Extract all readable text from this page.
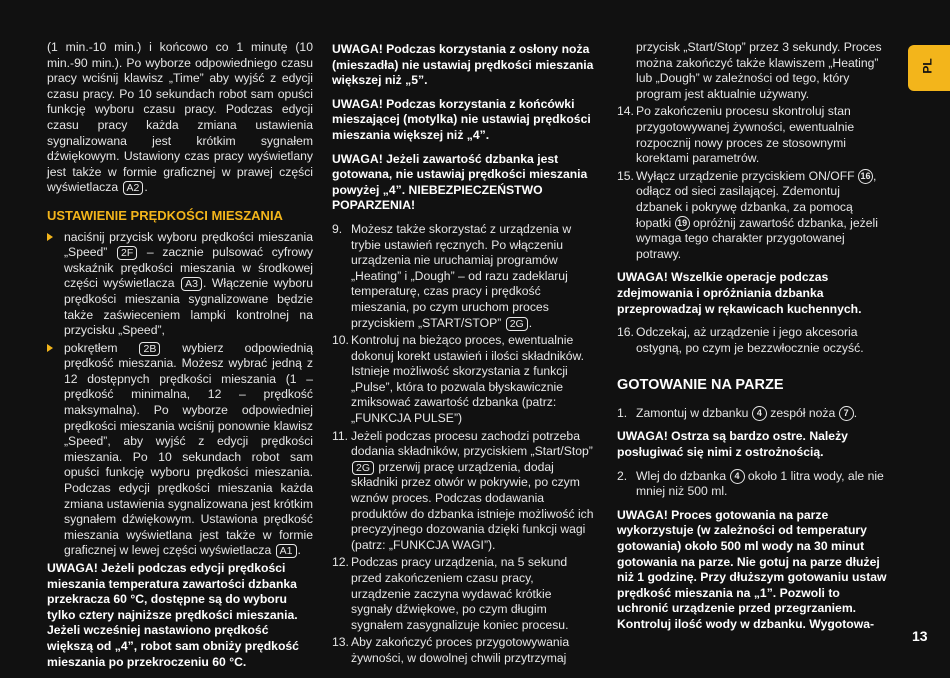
PL

(1 min.-10 min.) i końcowo co 1 minutę (10 min.-90 min.). Po wyborze odpowiedniego czasu pracy wciśnij klawisz „Time” aby wyjść z edycji czasu pracy. Po 10 sekundach robot sam opuści funkcję wyboru czasu pracy. Podczas edycji czasu pracy każda zmiana ustawienia sygnalizowana jest krótkim sygnałem dźwiękowym. Ustawiony czas pracy wyświetlany jest także w formie graficznej w prawej części wyświetlacza A2 .

USTAWIENIE PRĘDKOŚCI MIESZANIA
naciśnij przycisk wyboru prędkości mieszania „Speed” 2F – zacznie pulsować cyfrowy wskaźnik prędkości mieszania w środkowej części wyświetlacza A3 . Włączenie wyboru prędkości mieszania sygnalizowane będzie także zaświeceniem lampki kontrolnej na przycisku „Speed”,
pokrętłem 2B wybierz odpowiednią prędkość mieszania. Możesz wybrać jedną z 12 dostępnych prędkości mieszania (1 – prędkość minimalna, 12 – prędkość maksymalna). Po wyborze odpowiedniej prędkości mieszania wciśnij ponownie klawisz „Speed”, aby wyjść z edycji prędkości mieszania. Po 10 sekundach robot sam opuści funkcję wyboru prędkości mieszania. Podczas edycji prędkości mieszania każda zmiana ustawienia sygnalizowana jest krótkim sygnałem dźwiękowym. Ustawiona prędkość mieszania wyświetlana jest także w formie graficznej w lewej części wyświetlacza A1 .

UWAGA! Jeżeli podczas edycji prędkości mieszania temperatura zawartości dzbanka przekracza 60 °C, dostępne są do wyboru tylko cztery najniższe prędkości mieszania. Jeżeli wcześniej nastawiono prędkość większą od „4”, robot sam obniży prędkość mieszania po przekroczeniu 60 °C.

UWAGA! Podczas korzystania z osłony noża (mieszadła) nie ustawiaj prędkości mieszania większej niż „5”.

UWAGA! Podczas korzystania z końcówki mieszającej (motylka) nie ustawiaj prędkości mieszania większej niż „4”.

UWAGA! Jeżeli zawartość dzbanka jest gotowana, nie ustawiaj prędkości mieszania powyżej „4”. NIEBEZPIECZEŃSTWO POPARZENIA!

9. Możesz także skorzystać z urządzenia w trybie ustawień ręcznych. Po włączeniu urządzenia nie uruchamiaj programów „Heating” i „Dough” – od razu zadeklaruj temperaturę, czas pracy i prędkość mieszania, po czym uruchom proces przyciskiem „START/STOP” 2G .
10. Kontroluj na bieżąco proces, ewentualnie dokonuj korekt ustawień i ilości składników. Istnieje możliwość skorzystania z funkcji „Pulse”, która to pozwala błyskawicznie zmiksować zawartość dzbanka (patrz: „FUNKCJA PULSE”)
11. Jeżeli podczas procesu zachodzi potrzeba dodania składników, przyciskiem „Start/Stop” 2G przerwij pracę urządzenia, dodaj składniki przez otwór w pokrywie, po czym wznów proces. Podczas dodawania produktów do dzbanka istnieje możliwość ich precyzyjnego dozowania dzięki funkcji wagi (patrz: „FUNKCJA WAGI”).
12. Podczas pracy urządzenia, na 5 sekund przed zakończeniem czasu pracy, urządzenie zaczyna wydawać krótkie sygnały dźwiękowe, po czym długim sygnałem zasygnalizuje koniec procesu.
13. Aby zakończyć proces przygotowywania żywności, w dowolnej chwili przytrzymaj
przycisk „Start/Stop” przez 3 sekundy. Proces można zakończyć także klawiszem „Heating” lub „Dough” w zależności od tego, który program jest aktualnie używany.
14. Po zakończeniu procesu skontroluj stan przygotowywanej żywności, ewentualnie rozpocznij nowy proces ze stosownymi korektami parametrów.
15. Wyłącz urządzenie przyciskiem ON/OFF 16 , odłącz od sieci zasilającej. Zdemontuj dzbanek i pokrywę dzbanka, za pomocą łopatki 19 opróżnij zawartość dzbanka, jeżeli wymaga tego charakter przygotowanej potrawy.

UWAGA! Wszelkie operacje podczas zdejmowania i opróżniania dzbanka przeprowadzaj w rękawicach kuchennych.

16. Odczekaj, aż urządzenie i jego akcesoria ostygną, po czym je bezzwłocznie oczyść.
GOTOWANIE NA PARZE
1. Zamontuj w dzbanku 4 zespół noża 7 .

UWAGA! Ostrza są bardzo ostre. Należy posługiwać się nimi z ostrożnością.

2. Wlej do dzbanka 4 około 1 litra wody, ale nie mniej niż 500 ml.

UWAGA! Proces gotowania na parze wykorzystuje (w zależności od temperatury gotowania) około 500 ml wody na 30 minut gotowania na parze. Nie gotuj na parze dłużej niż 1 godzinę. Przy dłuższym gotowaniu ustaw prędkość mieszania na „1”. Pozwoli to uchronić urządzenie przed przegrzaniem. Kontroluj ilość wody w dzbanku. Wygotowa-

13
